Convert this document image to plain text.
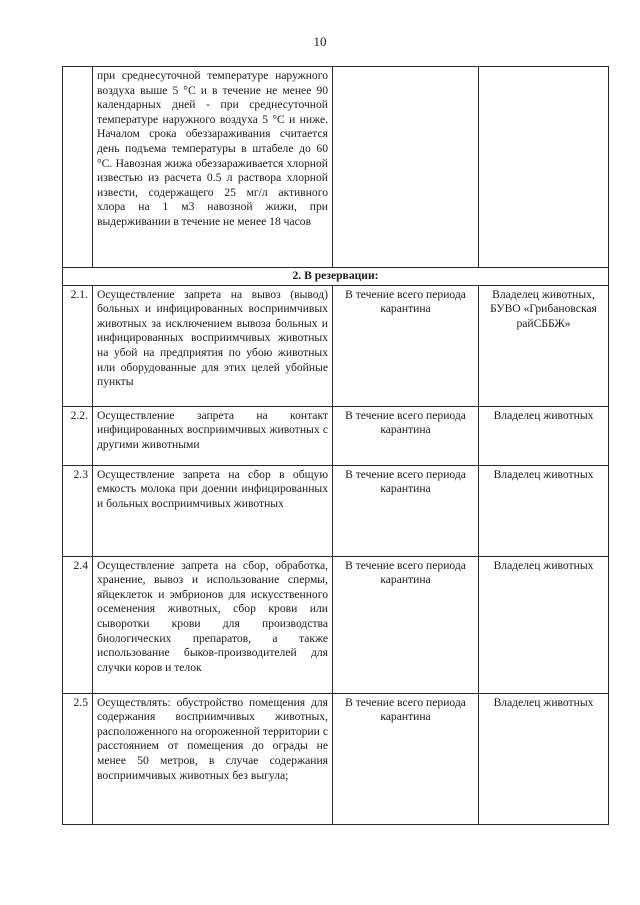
10
	при среднесуточной температуре наружного воздуха выше 5 °С и в течение не менее 90 календарных дней - при среднесуточной температуре наружного воздуха 5 °С и ниже. Началом срока обеззараживания считается день подъема температуры в штабеле до 60 °С. Навозная жижа обеззараживается хлорной известью из расчета 0.5 л раствора хлорной извести, содержащего 25 мг/л активного хлора на 1 м3 навозной жижи, при выдерживании в течение не менее 18 часов		
2. В резервации:			
2.1.	Осуществление запрета на вывоз (вывод) больных и инфицированных восприимчивых животных за исключением вывоза больных и инфицированных восприимчивых животных на убой на предприятия по убою животных или оборудованные для этих целей убойные пункты	В течение всего периода карантина	Владелец животных, БУВО «Грибановская райСББЖ»
2.2.	Осуществление запрета на контакт инфицированных восприимчивых животных с другими животными	В течение всего периода карантина	Владелец животных
2.3	Осуществление запрета на сбор в общую емкость молока при доении инфицированных и больных восприимчивых животных	В течение всего периода карантина	Владелец животных
2.4	Осуществление запрета на сбор, обработка, хранение, вывоз и использование спермы, яйцеклеток и эмбрионов для искусственного осеменения животных, сбор крови или сыворотки крови для производства биологических препаратов, а также использование быков-производителей для случки коров и телок	В течение всего периода карантина	Владелец животных
2.5	Осуществлять: обустройство помещения для содержания восприимчивых животных, расположенного на огороженной территории с расстоянием от помещения до ограды не менее 50 метров, в случае содержания восприимчивых животных без выгула;	В течение всего периода карантина	Владелец животных
